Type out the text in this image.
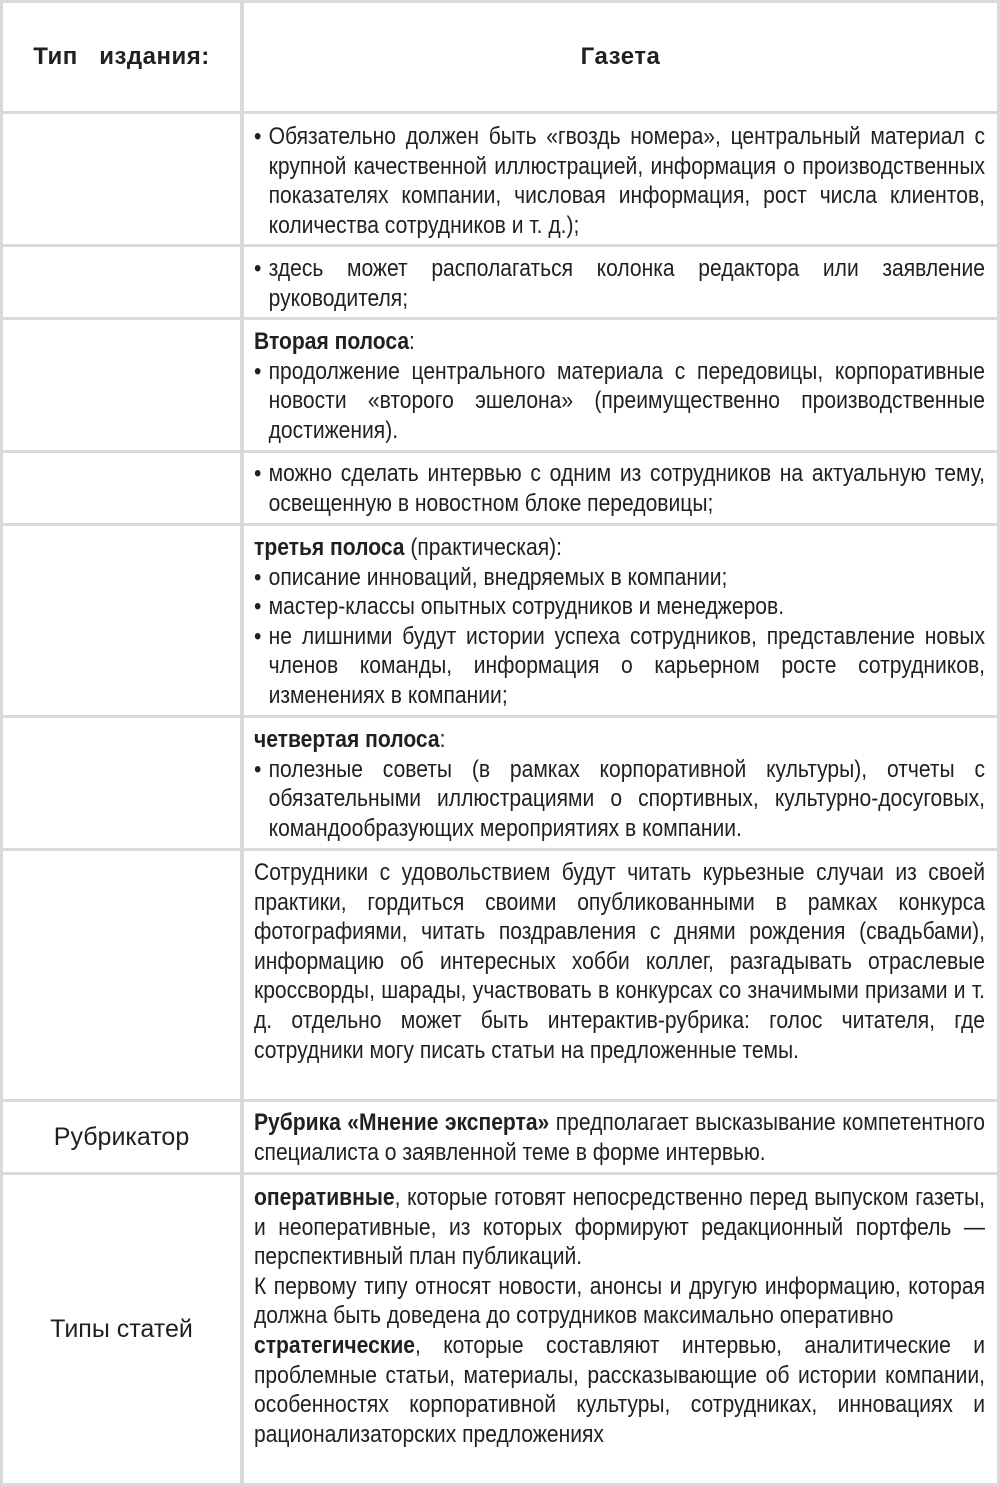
Тип   издания:	Газета
• Обязательно должен быть «гвоздь номера», центральный материал с крупной качественной иллюстрацией, информация о производственных показателях компании, числовая информация, рост числа клиентов, количества сотрудников и т. д.);
• здесь может располагаться колонка редактора или заявление руководителя;
Вторая полоса:
• продолжение центрального материала с передовицы, корпоративные новости «второго эшелона» (преимущественно производственные достижения).
• можно сделать интервью с одним из сотрудников на актуальную тему, освещенную в новостном блоке передовицы;
третья полоса (практическая):
• описание инноваций, внедряемых в компании;
• мастер-классы опытных сотрудников и менеджеров.
• не лишними будут истории успеха сотрудников, представление новых членов команды, информация о карьерном росте сотрудников, изменениях в компании;
четвертая полоса:
• полезные советы (в рамках корпоративной культуры), отчеты с обязательными иллюстрациями о спортивных, культурно-досуговых, командообразующих мероприятиях в компании.
Сотрудники с удовольствием будут читать курьезные случаи из своей практики, гордиться своими опубликованными в рамках конкурса фотографиями, читать поздравления с днями рождения (свадьбами), информацию об интересных хобби коллег, разгадывать отраслевые кроссворды, шарады, участвовать в конкурсах со значимыми призами и т. д. отдельно может быть интерактив-рубрика: голос читателя, где сотрудники могу писать статьи на предложенные темы.
Рубрикатор	Рубрика «Мнение эксперта» предполагает высказывание компетентного специалиста о заявленной теме в форме интервью.
Типы статей
оперативные, которые готовят непосредственно перед выпуском газеты, и неоперативные, из которых формируют редакционный портфель — перспективный план публикаций.
К первому типу относят новости, анонсы и другую информацию, которая должна быть доведена до сотрудников максимально оперативно
стратегические, которые составляют интервью, аналитические и проблемные статьи, материалы, рассказывающие об истории компании, особенностях корпоративной культуры, сотрудниках, инновациях и рационализаторских предложениях
